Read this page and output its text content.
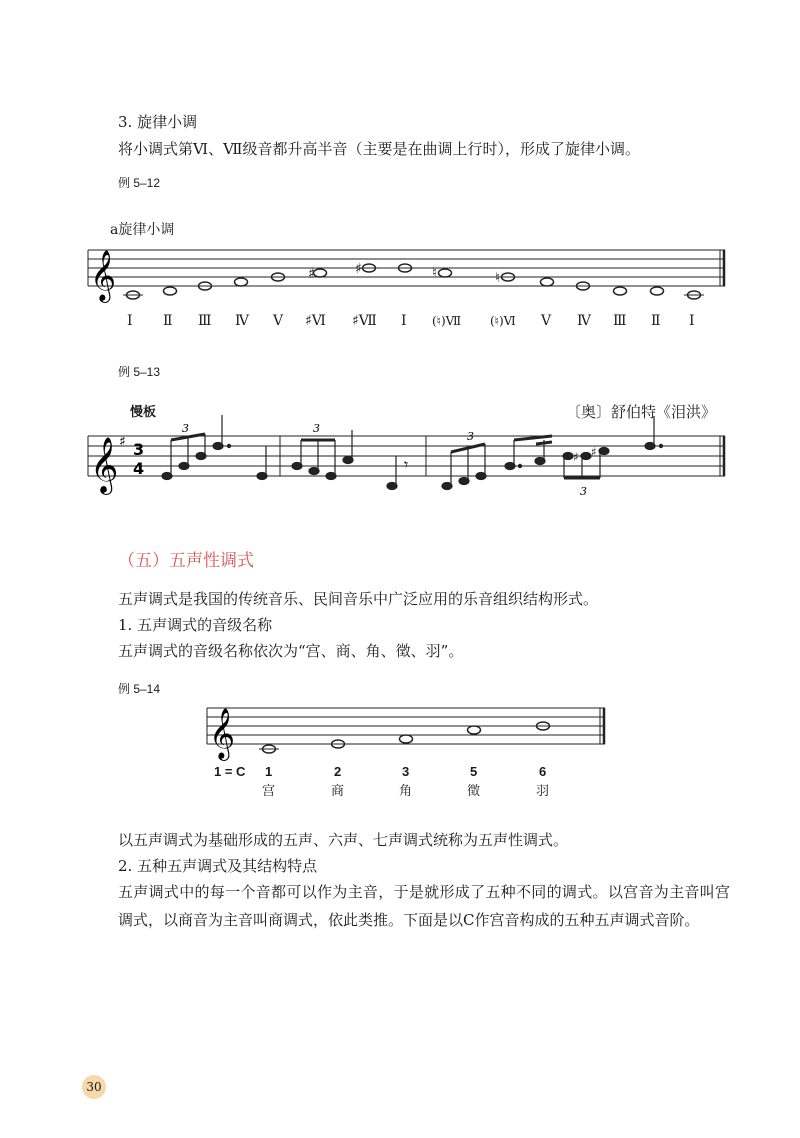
3. 旋律小调
将小调式第Ⅵ、Ⅶ级音都升高半音（主要是在曲调上行时），形成了旋律小调。
例 5–12
a旋律小调
𝄞	♯	♯	♮	♮
Ⅰ Ⅱ Ⅲ Ⅳ Ⅴ ♯Ⅵ ♯Ⅶ Ⅰ (♮)Ⅶ (♮)Ⅵ Ⅴ Ⅳ Ⅲ Ⅱ Ⅰ
例 5–13
慢板	〔奥〕舒伯特《泪洪》
𝄞 ♯ 3
4
3	3
𝄾
3
3
♯ ♯
（五）五声性调式
五声调式是我国的传统音乐、民间音乐中广泛应用的乐音组织结构形式。
1. 五声调式的音级名称
五声调式的音级名称依次为“宫、商、角、徵、羽”。
例 5–14
𝄞
1 = C 1	2	3	5	6
宫	商	角	徵	羽
以五声调式为基础形成的五声、六声、七声调式统称为五声性调式。
2. 五种五声调式及其结构特点
五声调式中的每一个音都可以作为主音，于是就形成了五种不同的调式。以宫音为主音叫宫调式，以商音为主音叫商调式，依此类推。下面是以C作宫音构成的五种五声调式音阶。
30
